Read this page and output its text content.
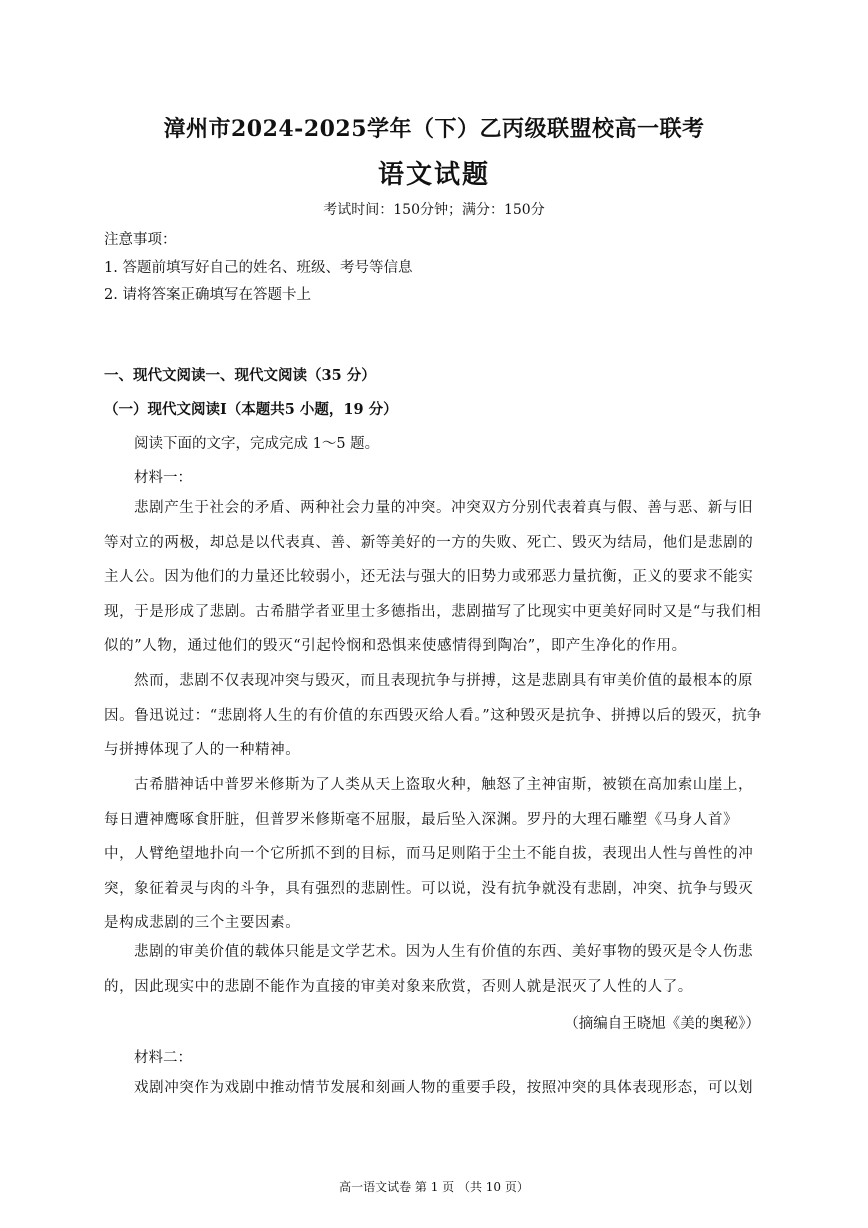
漳州市2024-2025学年（下）乙丙级联盟校高一联考
语文试题
考试时间：150分钟；满分：150分
注意事项：
1. 答题前填写好自己的姓名、班级、考号等信息
2. 请将答案正确填写在答题卡上
一、现代文阅读一、现代文阅读（35 分）
（一）现代文阅读I（本题共5 小题，19 分）
阅读下面的文字，完成完成 1～5 题。
材料一：
悲剧产生于社会的矛盾、两种社会力量的冲突。冲突双方分别代表着真与假、善与恶、新与旧等对立的两极，却总是以代表真、善、新等美好的一方的失败、死亡、毁灭为结局，他们是悲剧的主人公。因为他们的力量还比较弱小，还无法与强大的旧势力或邪恶力量抗衡，正义的要求不能实现，于是形成了悲剧。古希腊学者亚里士多德指出，悲剧描写了比现实中更美好同时又是“与我们相似的”人物，通过他们的毁灭“引起怜悯和恐惧来使感情得到陶冶”，即产生净化的作用。
然而，悲剧不仅表现冲突与毁灭，而且表现抗争与拼搏，这是悲剧具有审美价值的最根本的原因。鲁迅说过：“悲剧将人生的有价值的东西毁灭给人看。”这种毁灭是抗争、拼搏以后的毁灭，抗争与拼搏体现了人的一种精神。
古希腊神话中普罗米修斯为了人类从天上盗取火种，触怒了主神宙斯，被锁在高加索山崖上，每日遭神鹰啄食肝脏，但普罗米修斯毫不屈服，最后坠入深渊。罗丹的大理石雕塑《马身人首》中，人臂绝望地扑向一个它所抓不到的目标，而马足则陷于尘土不能自拔，表现出人性与兽性的冲突，象征着灵与肉的斗争，具有强烈的悲剧性。可以说，没有抗争就没有悲剧，冲突、抗争与毁灭是构成悲剧的三个主要因素。
悲剧的审美价值的载体只能是文学艺术。因为人生有价值的东西、美好事物的毁灭是令人伤悲的，因此现实中的悲剧不能作为直接的审美对象来欣赏，否则人就是泯灭了人性的人了。
（摘编自王晓旭《美的奥秘》）
材料二：
戏剧冲突作为戏剧中推动情节发展和刻画人物的重要手段，按照冲突的具体表现形态，可以划
高一语文试卷 第 1 页 （共 10 页）
